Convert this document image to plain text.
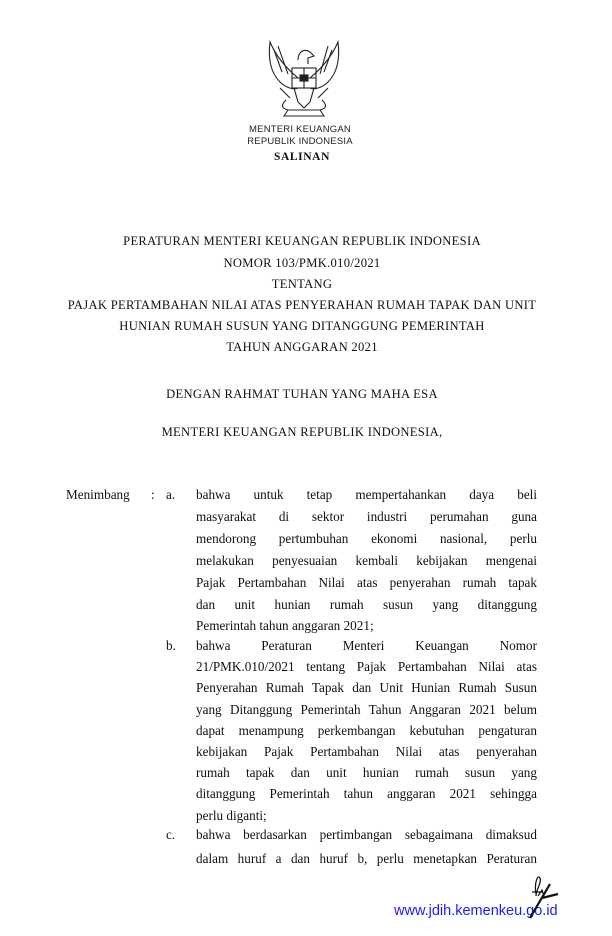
MENTERI KEUANGAN
REPUBLIK INDONESIA
SALINAN
PERATURAN MENTERI KEUANGAN REPUBLIK INDONESIA
NOMOR 103/PMK.010/2021
TENTANG
PAJAK PERTAMBAHAN NILAI ATAS PENYERAHAN RUMAH TAPAK DAN UNIT
HUNIAN RUMAH SUSUN YANG DITANGGUNG PEMERINTAH
TAHUN ANGGARAN 2021
DENGAN RAHMAT TUHAN YANG MAHA ESA
MENTERI KEUANGAN REPUBLIK INDONESIA,
Menimbang : a. bahwa untuk tetap mempertahankan daya beli
masyarakat di sektor industri perumahan guna
mendorong pertumbuhan ekonomi nasional, perlu
melakukan penyesuaian kembali kebijakan mengenai
Pajak Pertambahan Nilai atas penyerahan rumah tapak
dan unit hunian rumah susun yang ditanggung
Pemerintah tahun anggaran 2021;
b. bahwa Peraturan Menteri Keuangan Nomor
21/PMK.010/2021 tentang Pajak Pertambahan Nilai atas
Penyerahan Rumah Tapak dan Unit Hunian Rumah Susun
yang Ditanggung Pemerintah Tahun Anggaran 2021 belum
dapat menampung perkembangan kebutuhan pengaturan
kebijakan Pajak Pertambahan Nilai atas penyerahan
rumah tapak dan unit hunian rumah susun yang
ditanggung Pemerintah tahun anggaran 2021 sehingga
perlu diganti;
c. bahwa berdasarkan pertimbangan sebagaimana dimaksud
dalam huruf a dan huruf b, perlu menetapkan Peraturan
www.jdih.kemenkeu.go.id
